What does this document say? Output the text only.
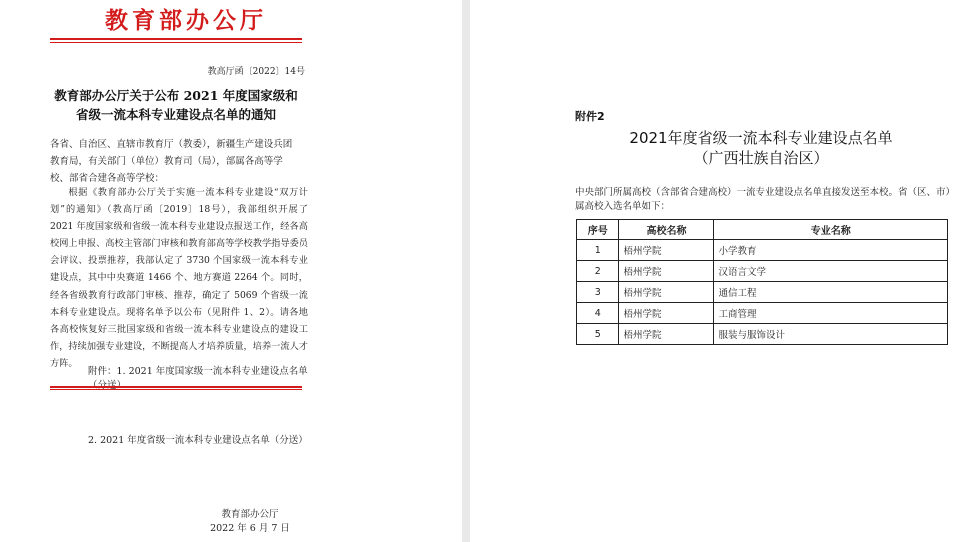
教育部办公厅
教高厅函〔2022〕14号
教育部办公厅关于公布 2021 年度国家级和
省级一流本科专业建设点名单的通知
各省、自治区、直辖市教育厅（教委），新疆生产建设兵团教育局，有关部门（单位）教育司（局），部属各高等学校、部省合建各高等学校：
根据《教育部办公厅关于实施一流本科专业建设“双万计划”的通知》（教高厅函〔2019〕18号），我部组织开展了 2021 年度国家级和省级一流本科专业建设点报送工作，经各高校网上申报、高校主管部门审核和教育部高等学校教学指导委员会评议、投票推荐，我部认定了 3730 个国家级一流本科专业建设点，其中中央赛道 1466 个、地方赛道 2264 个。同时，经各省级教育行政部门审核、推荐，确定了 5069 个省级一流本科专业建设点。现将名单予以公布（见附件 1、2）。请各地各高校恢复好三批国家级和省级一流本科专业建设点的建设工作，持续加强专业建设，不断提高人才培养质量，培养一流人才方阵。
附件：1. 2021 年度国家级一流本科专业建设点名单
2. 2021 年度省级一流本科专业建设点名单（分送）
教育部办公厅
2022 年 6 月 7 日
附件2
2021年度省级一流本科专业建设点名单
（广西壮族自治区）
中央部门所属高校（含部省合建高校）一流专业建设点名单直接发送至本校。省（区、市）属高校入选名单如下：
序号	高校名称	专业名称
1	梧州学院	小学教育
2	梧州学院	汉语言文学
3	梧州学院	通信工程
4	梧州学院	工商管理
5	梧州学院	服装与服饰设计
